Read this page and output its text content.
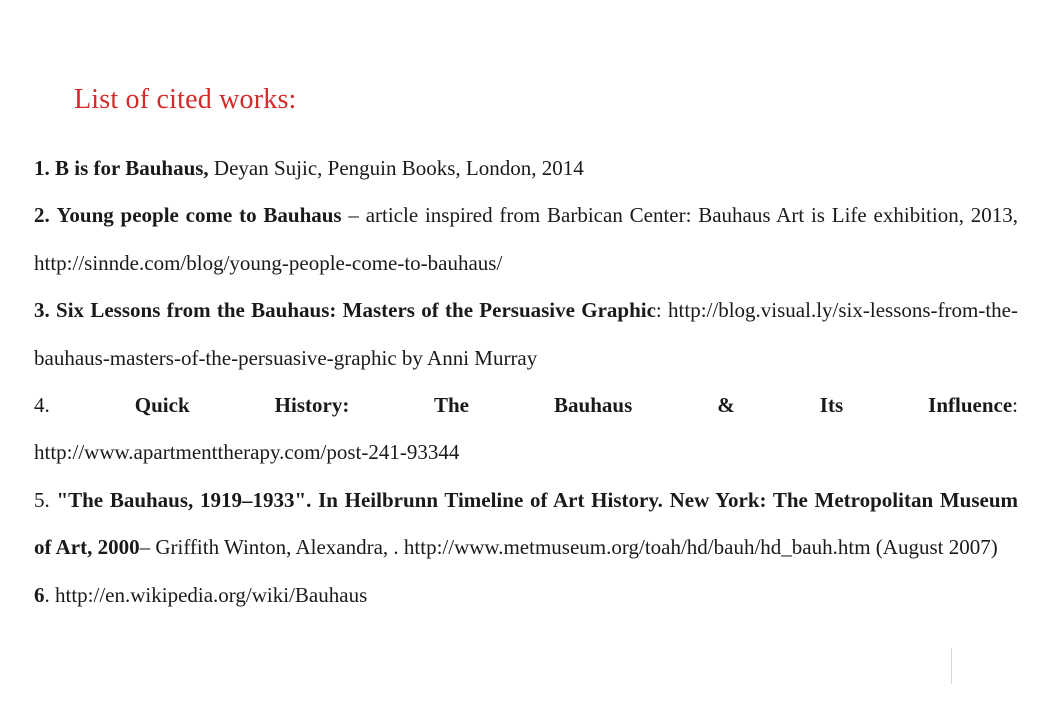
List of cited works:

1. B is for Bauhaus, Deyan Sujic, Penguin Books, London, 2014

2. Young people come to Bauhaus – article inspired from Barbican Center: Bauhaus Art is Life exhibition, 2013, http://sinnde.com/blog/young-people-come-to-bauhaus/

3. Six Lessons from the Bauhaus: Masters of the Persuasive Graphic: http://blog.visual.ly/six-lessons-from-the-bauhaus-masters-of-the-persuasive-graphic by Anni Murray

4.	Quick History: The Bauhaus & Its Influence:
http://www.apartmenttherapy.com/post-241-93344

5. "The Bauhaus, 1919–1933". In Heilbrunn Timeline of Art History. New York: The Metropolitan Museum of Art, 2000– Griffith Winton, Alexandra, . http://www.metmuseum.org/toah/hd/bauh/hd_bauh.htm (August 2007)

6. http://en.wikipedia.org/wiki/Bauhaus
